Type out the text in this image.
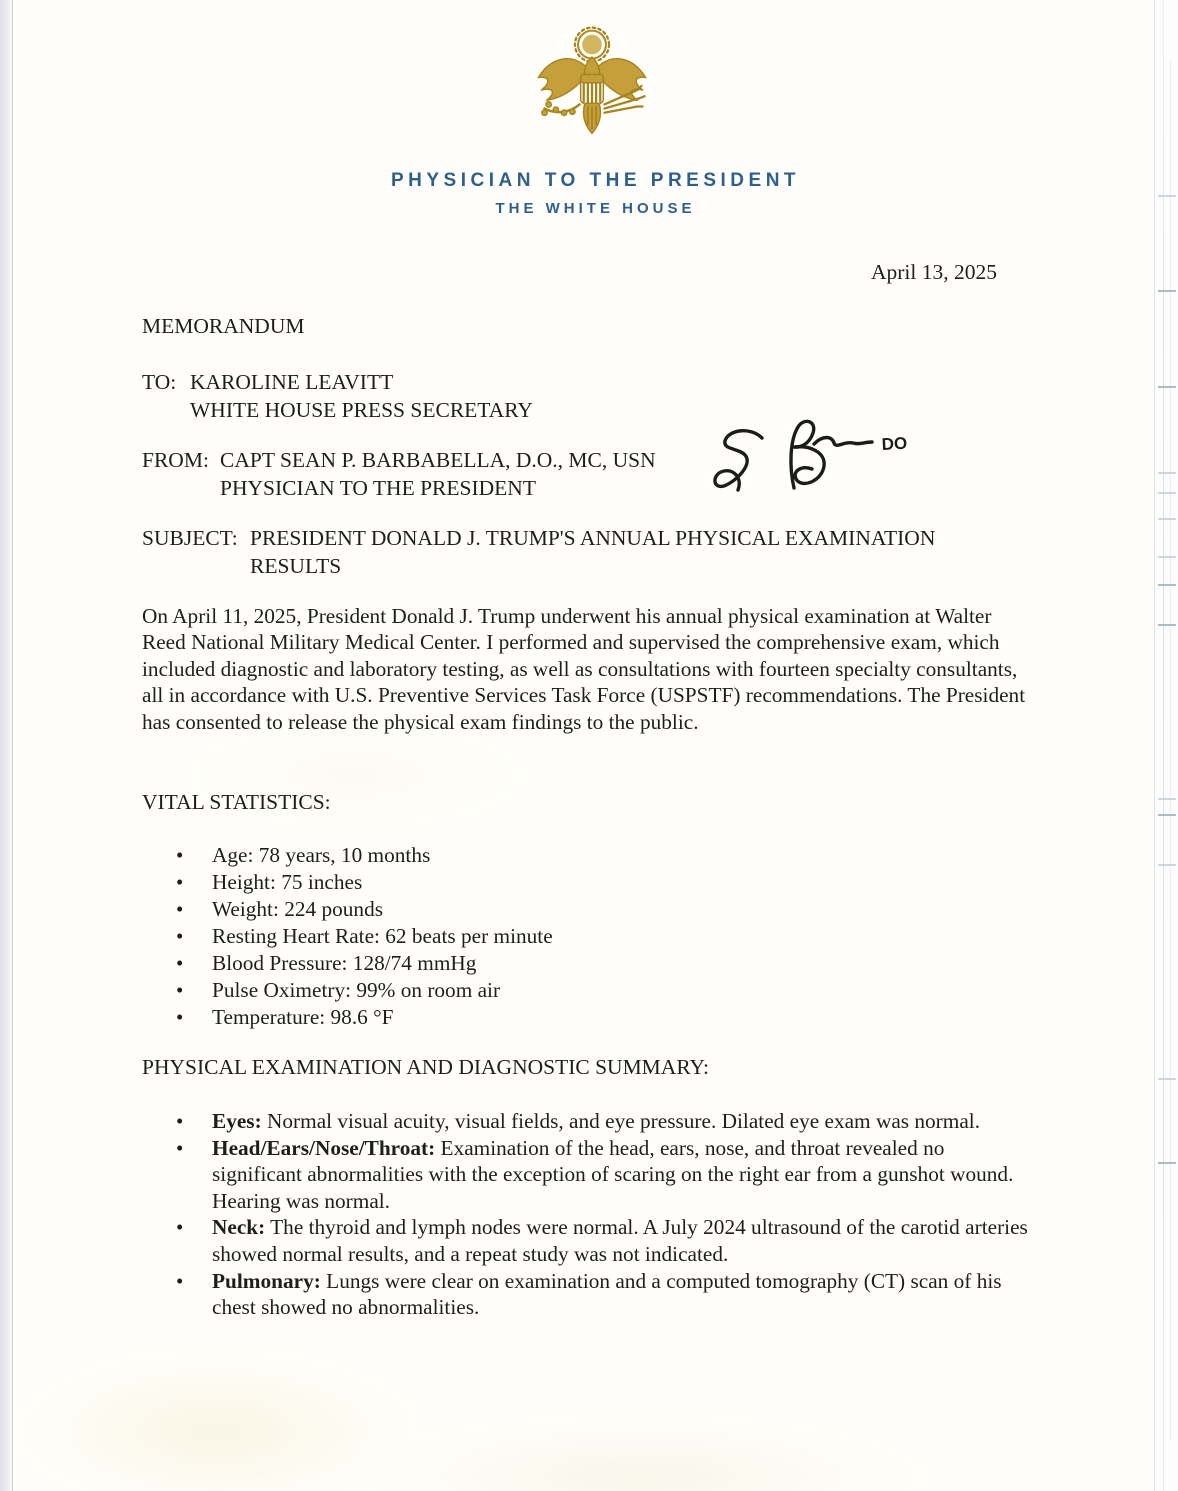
PHYSICIAN TO THE PRESIDENT
THE WHITE HOUSE
April 13, 2025
MEMORANDUM
TO: KAROLINE LEAVITT
WHITE HOUSE PRESS SECRETARY
FROM: CAPT SEAN P. BARBABELLA, D.O., MC, USN
PHYSICIAN TO THE PRESIDENT
DO
SUBJECT: PRESIDENT DONALD J. TRUMP'S ANNUAL PHYSICAL EXAMINATION
RESULTS
On April 11, 2025, President Donald J. Trump underwent his annual physical examination at Walter Reed National Military Medical Center. I performed and supervised the comprehensive exam, which included diagnostic and laboratory testing, as well as consultations with fourteen specialty consultants, all in accordance with U.S. Preventive Services Task Force (USPSTF) recommendations. The President has consented to release the physical exam findings to the public.
VITAL STATISTICS:
• Age: 78 years, 10 months
• Height: 75 inches
• Weight: 224 pounds
• Resting Heart Rate: 62 beats per minute
• Blood Pressure: 128/74 mmHg
• Pulse Oximetry: 99% on room air
• Temperature: 98.6 °F
PHYSICAL EXAMINATION AND DIAGNOSTIC SUMMARY:
• Eyes: Normal visual acuity, visual fields, and eye pressure. Dilated eye exam was normal.
• Head/Ears/Nose/Throat: Examination of the head, ears, nose, and throat revealed no significant abnormalities with the exception of scaring on the right ear from a gunshot wound. Hearing was normal.
• Neck: The thyroid and lymph nodes were normal. A July 2024 ultrasound of the carotid arteries showed normal results, and a repeat study was not indicated.
• Pulmonary: Lungs were clear on examination and a computed tomography (CT) scan of his chest showed no abnormalities.
